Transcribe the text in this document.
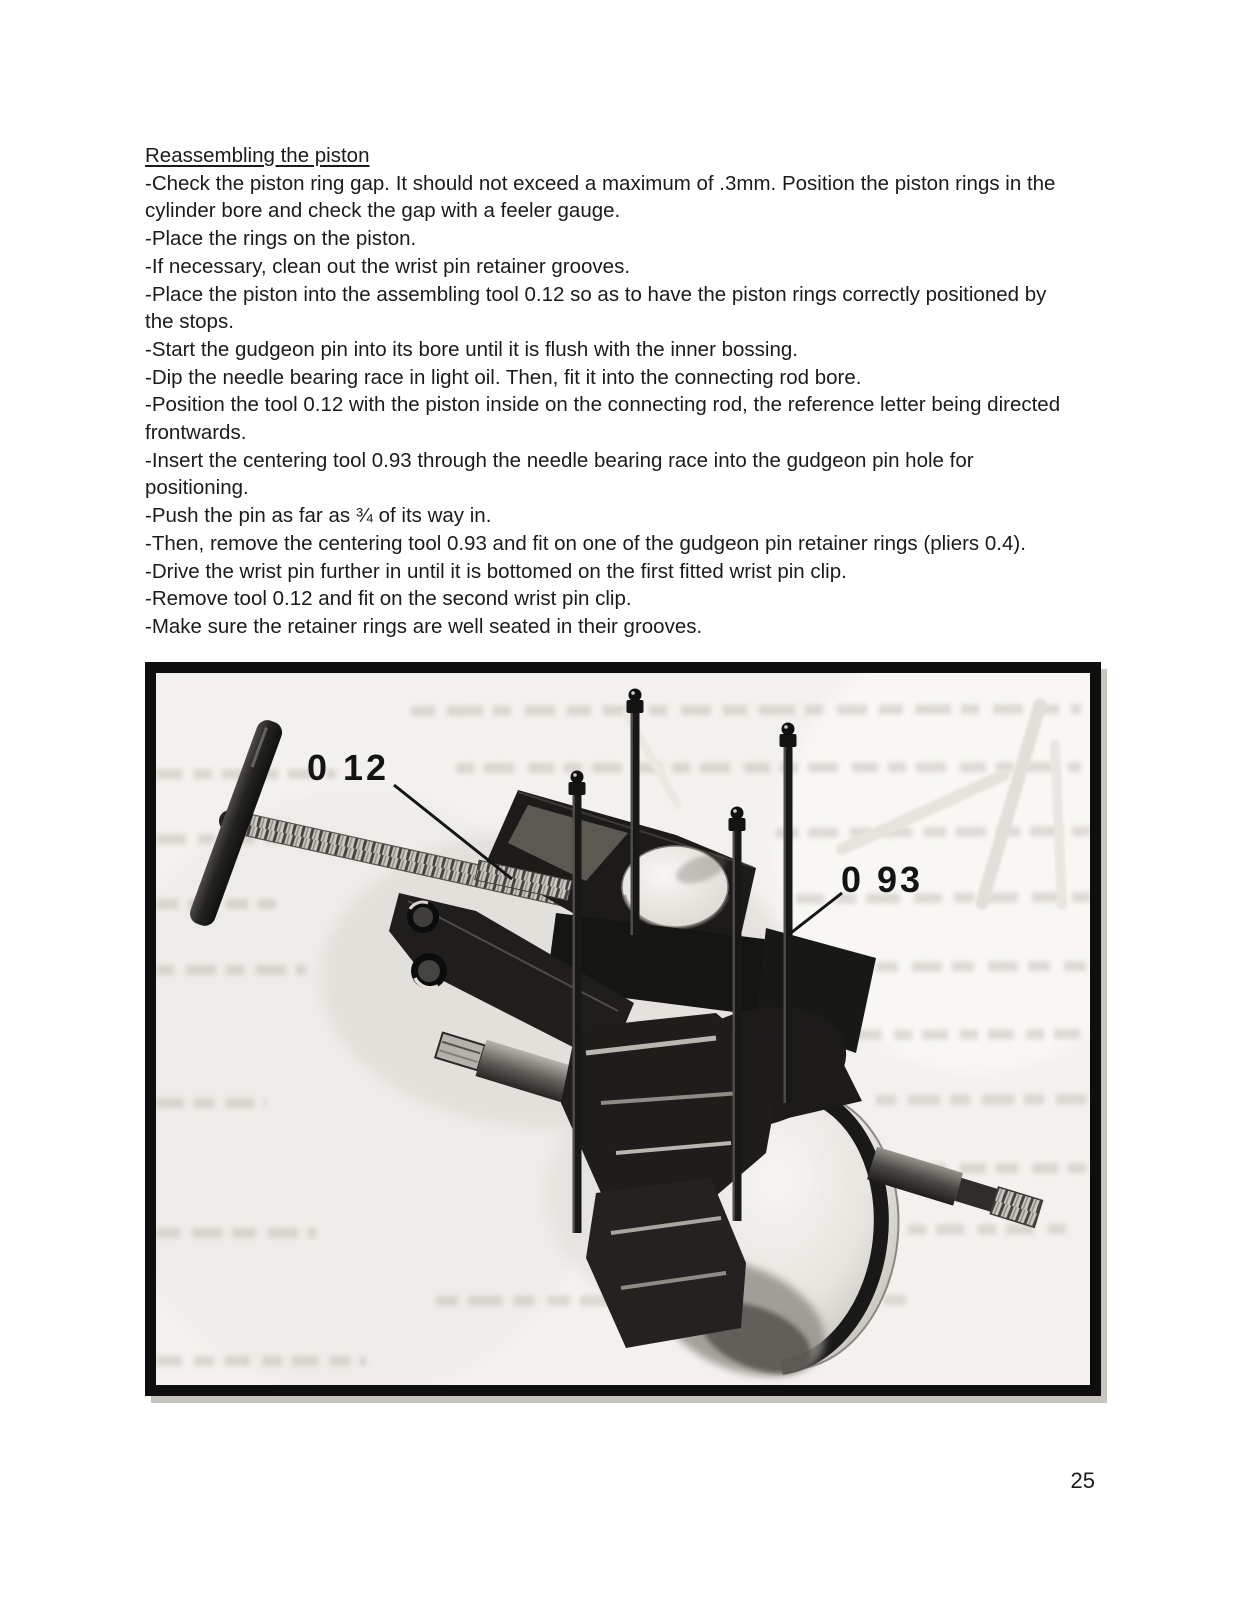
Reassembling the piston

-Check the piston ring gap. It should not exceed a maximum of .3mm. Position the piston rings in the cylinder bore and check the gap with a feeler gauge.

-Place the rings on the piston.

-If necessary, clean out the wrist pin retainer grooves.

-Place the piston into the assembling tool 0.12 so as to have the piston rings correctly positioned by the stops.

-Start the gudgeon pin into its bore until it is flush with the inner bossing.

-Dip the needle bearing race in light oil. Then, fit it into the connecting rod bore.

-Position the tool 0.12 with the piston inside on the connecting rod, the reference letter being directed frontwards.

-Insert the centering tool 0.93 through the needle bearing race into the gudgeon pin hole for positioning.

-Push the pin as far as ¾ of its way in.

-Then, remove the centering tool 0.93 and fit on one of the gudgeon pin retainer rings (pliers 0.4).

-Drive the wrist pin further in until it is bottomed on the first fitted wrist pin clip.

-Remove tool 0.12 and fit on the second wrist pin clip.

-Make sure the retainer rings are well seated in their grooves.

0 12
0 93
25
